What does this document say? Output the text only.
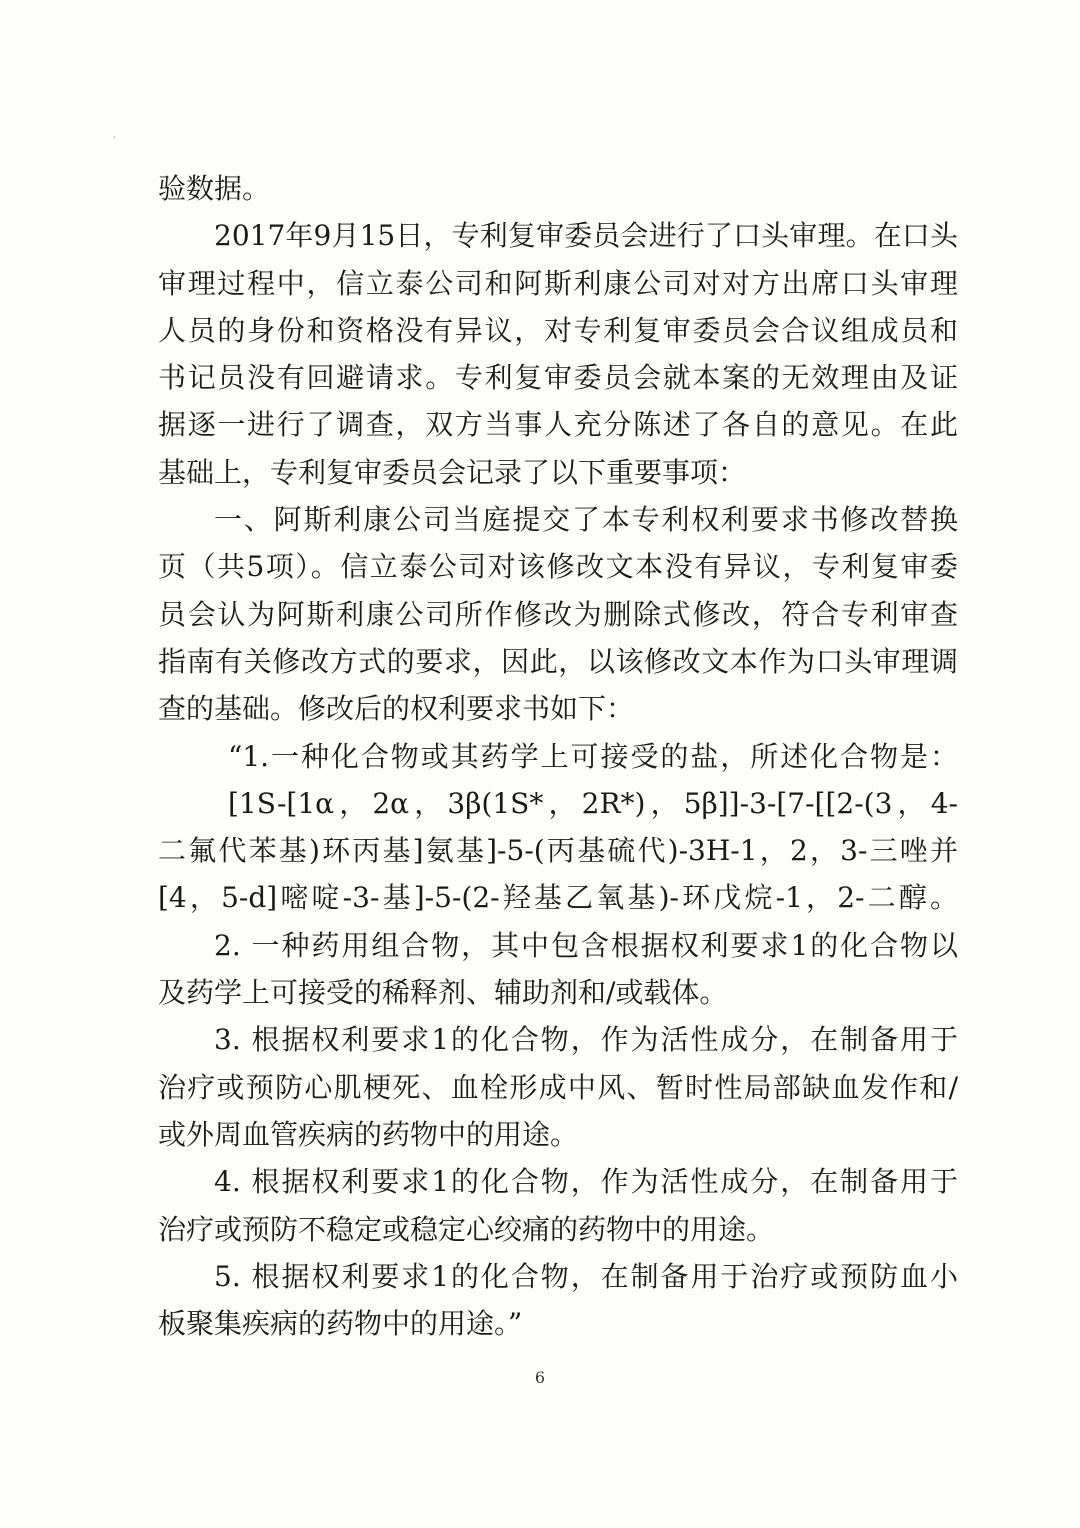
ˈ
验数据。
2017年9月15日，专利复审委员会进行了口头审理。在口头
审理过程中，信立泰公司和阿斯利康公司对对方出席口头审理
人员的身份和资格没有异议，对专利复审委员会合议组成员和
书记员没有回避请求。专利复审委员会就本案的无效理由及证
据逐一进行了调查，双方当事人充分陈述了各自的意见。在此
基础上，专利复审委员会记录了以下重要事项：
一、阿斯利康公司当庭提交了本专利权利要求书修改替换
页（共5项）。信立泰公司对该修改文本没有异议，专利复审委
员会认为阿斯利康公司所作修改为删除式修改，符合专利审查
指南有关修改方式的要求，因此，以该修改文本作为口头审理调
查的基础。修改后的权利要求书如下：
“1.一种化合物或其药学上可接受的盐，所述化合物是：
[1S-[1α，2α，3β(1S*，2R*)，5β]]-3-[7-[[2-(3，4-
二氟代苯基)环丙基]氨基]-5-(丙基硫代)-3H-1，2，3-三唑并
[4，5-d]嘧啶-3-基]-5-(2-羟基乙氧基)-环戊烷-1，2-二醇。
2. 一种药用组合物，其中包含根据权利要求1的化合物以
及药学上可接受的稀释剂、辅助剂和/或载体。
3. 根据权利要求1的化合物，作为活性成分，在制备用于
治疗或预防心肌梗死、血栓形成中风、暂时性局部缺血发作和/
或外周血管疾病的药物中的用途。
4. 根据权利要求1的化合物，作为活性成分，在制备用于
治疗或预防不稳定或稳定心绞痛的药物中的用途。
5. 根据权利要求1的化合物，在制备用于治疗或预防血小
板聚集疾病的药物中的用途。”
6
